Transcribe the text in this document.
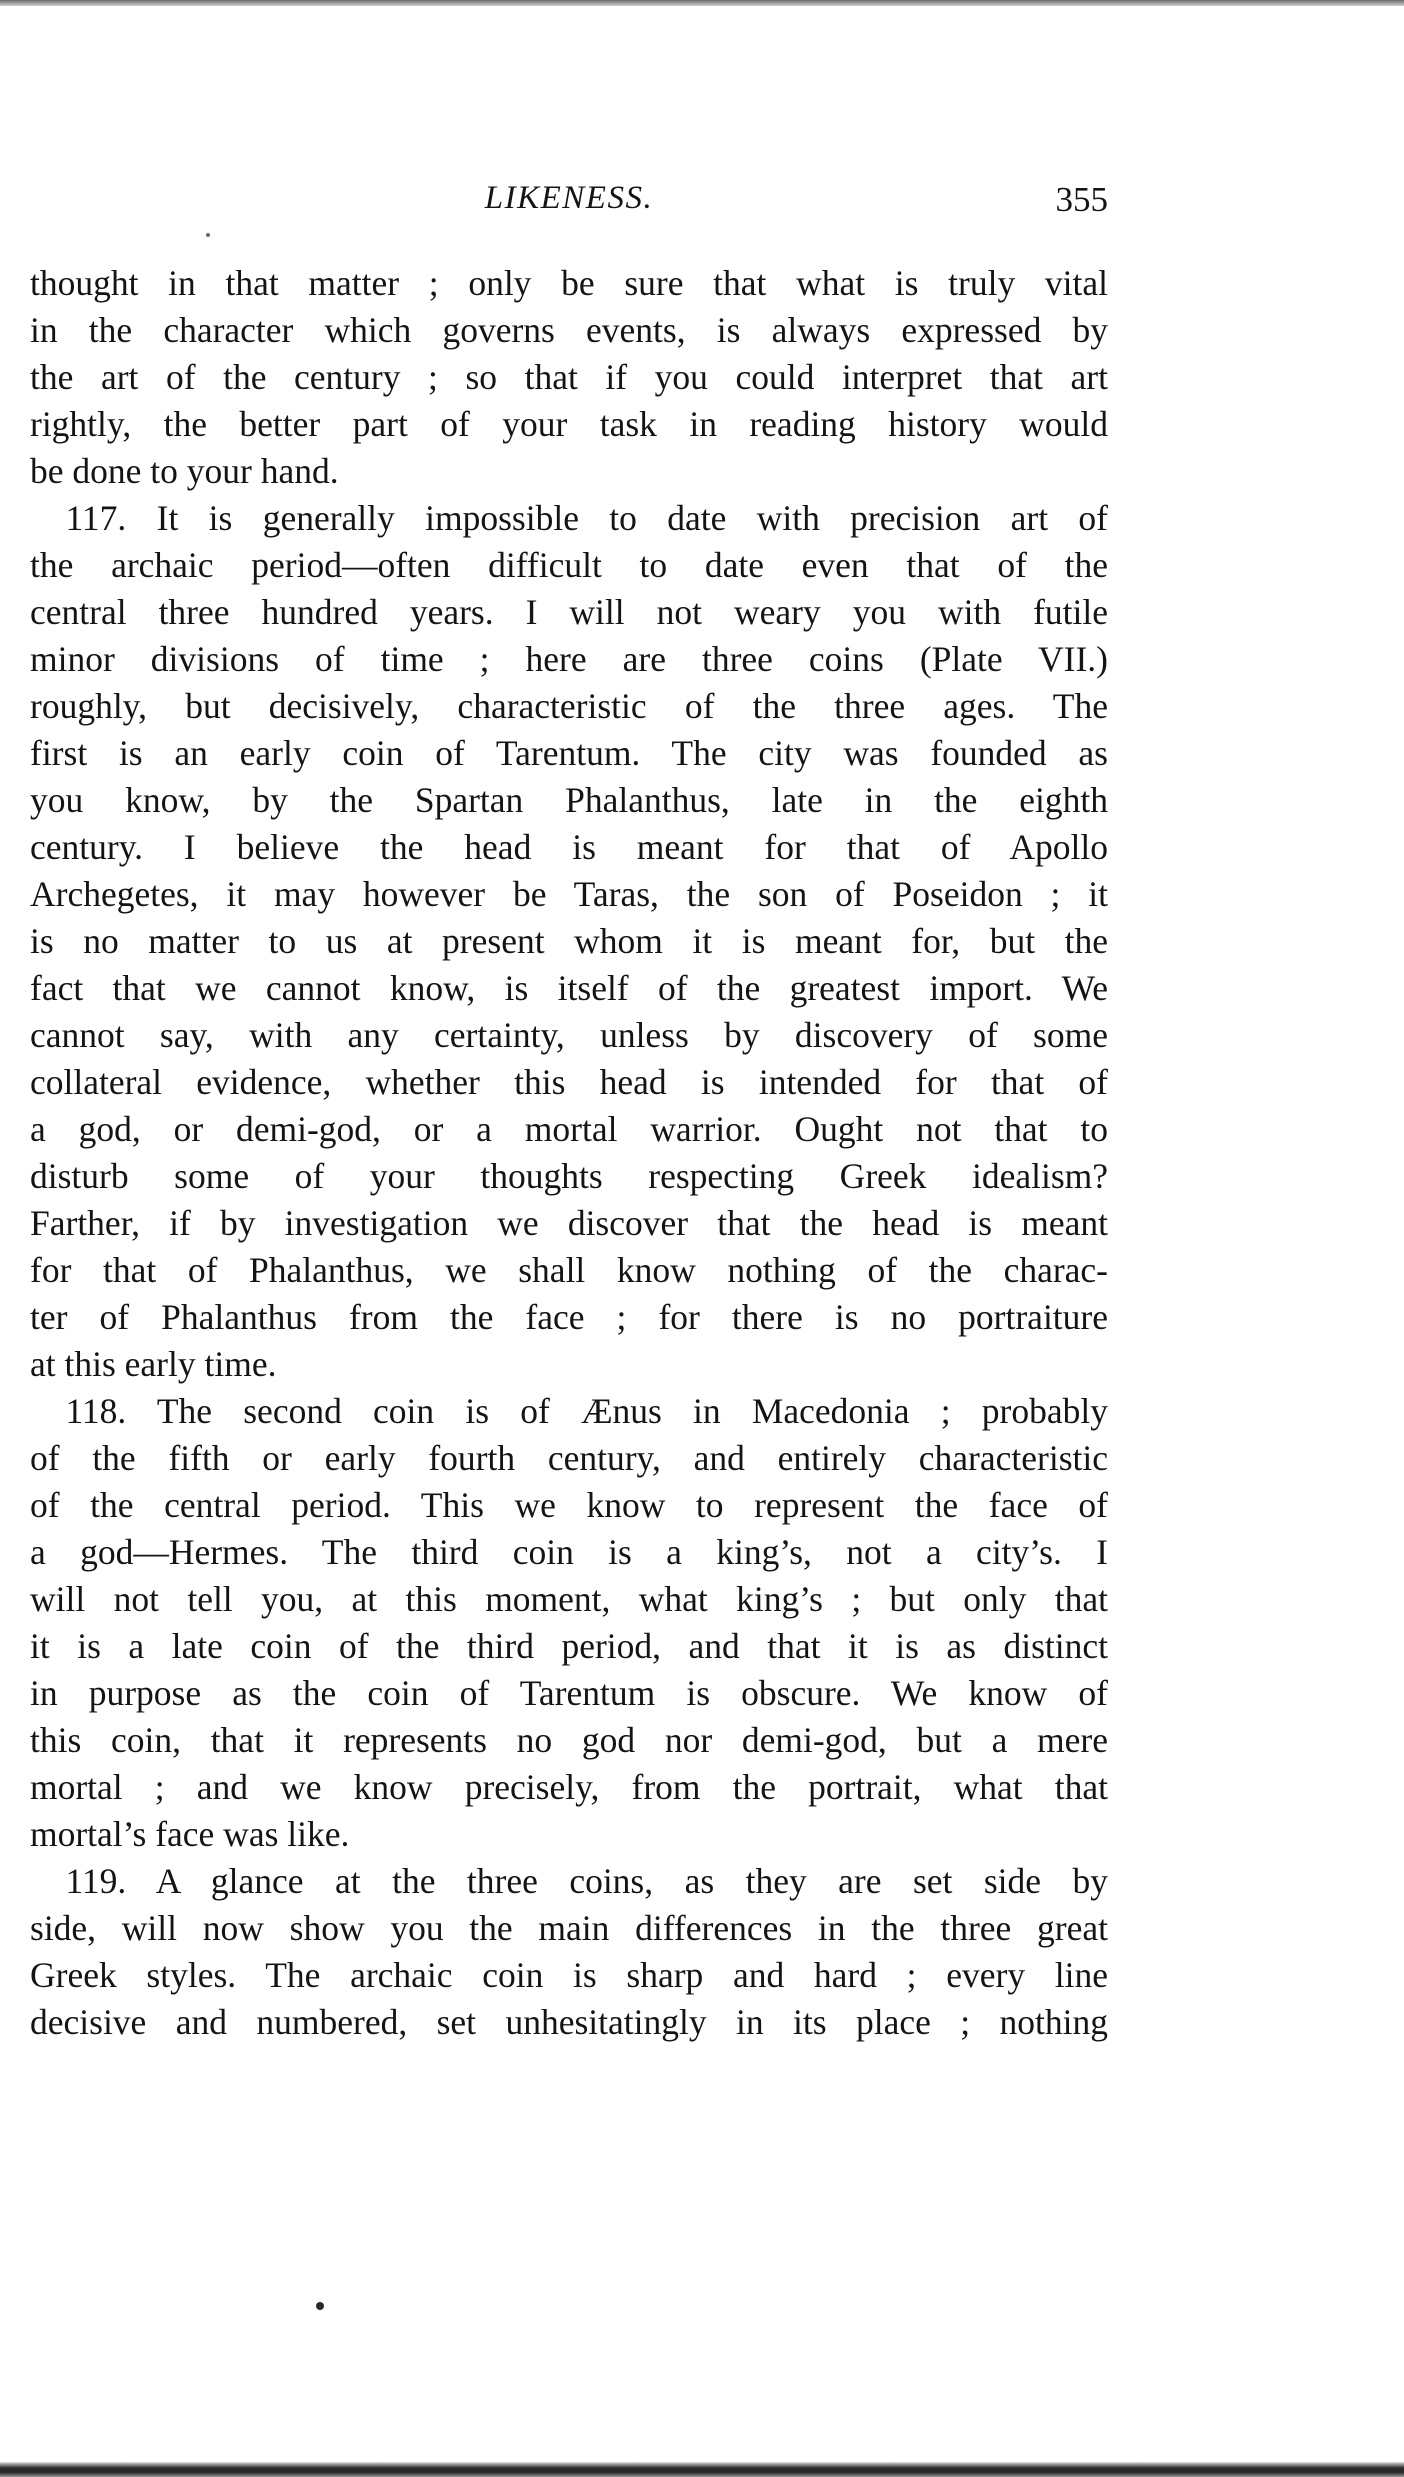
LIKENESS.	355
thought in that matter ; only be sure that what is truly vital
in the character which governs events, is always expressed by
the art of the century ; so that if you could interpret that art
rightly, the better part of your task in reading history would
be done to your hand.
 117. It is generally impossible to date with precision art of
the archaic period—often difficult to date even that of the
central three hundred years. I will not weary you with futile
minor divisions of time ; here are three coins (Plate VII.)
roughly, but decisively, characteristic of the three ages. The
first is an early coin of Tarentum. The city was founded as
you know, by the Spartan Phalanthus, late in the eighth
century. I believe the head is meant for that of Apollo
Archegetes, it may however be Taras, the son of Poseidon ; it
is no matter to us at present whom it is meant for, but the
fact that we cannot know, is itself of the greatest import. We
cannot say, with any certainty, unless by discovery of some
collateral evidence, whether this head is intended for that of
a god, or demi-god, or a mortal warrior. Ought not that to
disturb some of your thoughts respecting Greek idealism?
Farther, if by investigation we discover that the head is meant
for that of Phalanthus, we shall know nothing of the charac-
ter of Phalanthus from the face ; for there is no portraiture
at this early time.
 118. The second coin is of Ænus in Macedonia ; probably
of the fifth or early fourth century, and entirely characteristic
of the central period. This we know to represent the face of
a god—Hermes. The third coin is a king’s, not a city’s. I
will not tell you, at this moment, what king’s ; but only that
it is a late coin of the third period, and that it is as distinct
in purpose as the coin of Tarentum is obscure. We know of
this coin, that it represents no god nor demi-god, but a mere
mortal ; and we know precisely, from the portrait, what that
mortal’s face was like.
 119. A glance at the three coins, as they are set side by
side, will now show you the main differences in the three great
Greek styles. The archaic coin is sharp and hard ; every line
decisive and numbered, set unhesitatingly in its place ; nothing
